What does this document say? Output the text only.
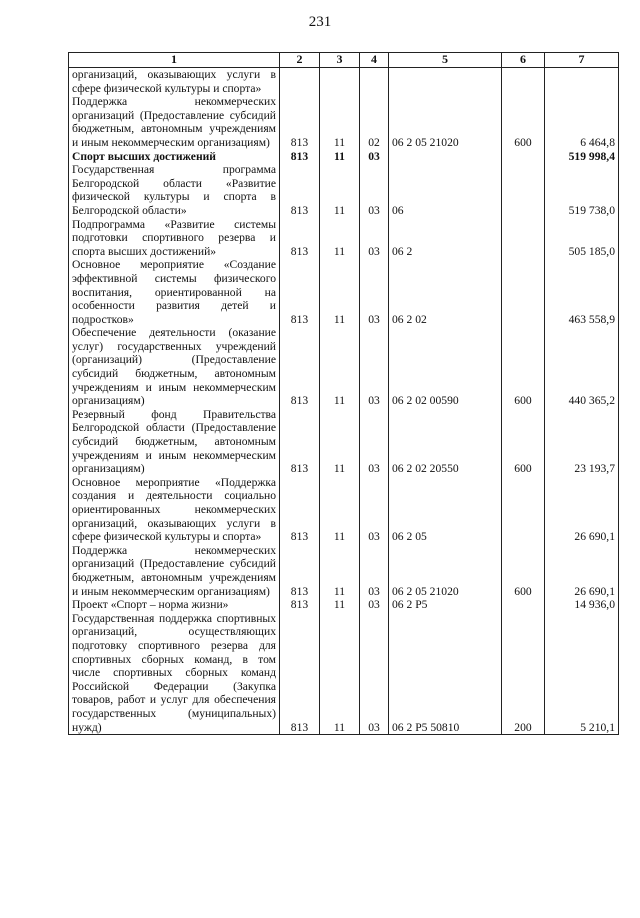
231
1	2	3	4	5	6	7
организаций, оказывающих услуги в сфере физической культуры и спорта»						
Поддержка некоммерческих организаций (Предоставление субсидий бюджетным, автономным учреждениям и иным некоммерческим организациям)	813	11	02	06 2 05 21020	600	6 464,8
Спорт высших достижений	813	11	03			519 998,4
Государственная программа Белгородской области «Развитие физической культуры и спорта в Белгородской области»	813	11	03	06		519 738,0
Подпрограмма «Развитие системы подготовки спортивного резерва и спорта высших достижений»	813	11	03	06 2		505 185,0
Основное мероприятие «Создание эффективной системы физического воспитания, ориентированной на особенности развития детей и подростков»	813	11	03	06 2 02		463 558,9
Обеспечение деятельности (оказание услуг) государственных учреждений (организаций) (Предоставление субсидий бюджетным, автономным учреждениям и иным некоммерческим организациям)	813	11	03	06 2 02 00590	600	440 365,2
Резервный фонд Правительства Белгородской области (Предоставление субсидий бюджетным, автономным учреждениям и иным некоммерческим организациям)	813	11	03	06 2 02 20550	600	23 193,7
Основное мероприятие «Поддержка создания и деятельности социально ориентированных некоммерческих организаций, оказывающих услуги в сфере физической культуры и спорта»	813	11	03	06 2 05		26 690,1
Поддержка некоммерческих организаций (Предоставление субсидий бюджетным, автономным учреждениям и иным некоммерческим организациям)	813	11	03	06 2 05 21020	600	26 690,1
Проект «Спорт – норма жизни»	813	11	03	06 2 Р5		14 936,0
Государственная поддержка спортивных организаций, осуществляющих подготовку спортивного резерва для спортивных сборных команд, в том числе спортивных сборных команд Российской Федерации (Закупка товаров, работ и услуг для обеспечения государственных (муниципальных) нужд)	813	11	03	06 2 Р5 50810	200	5 210,1
